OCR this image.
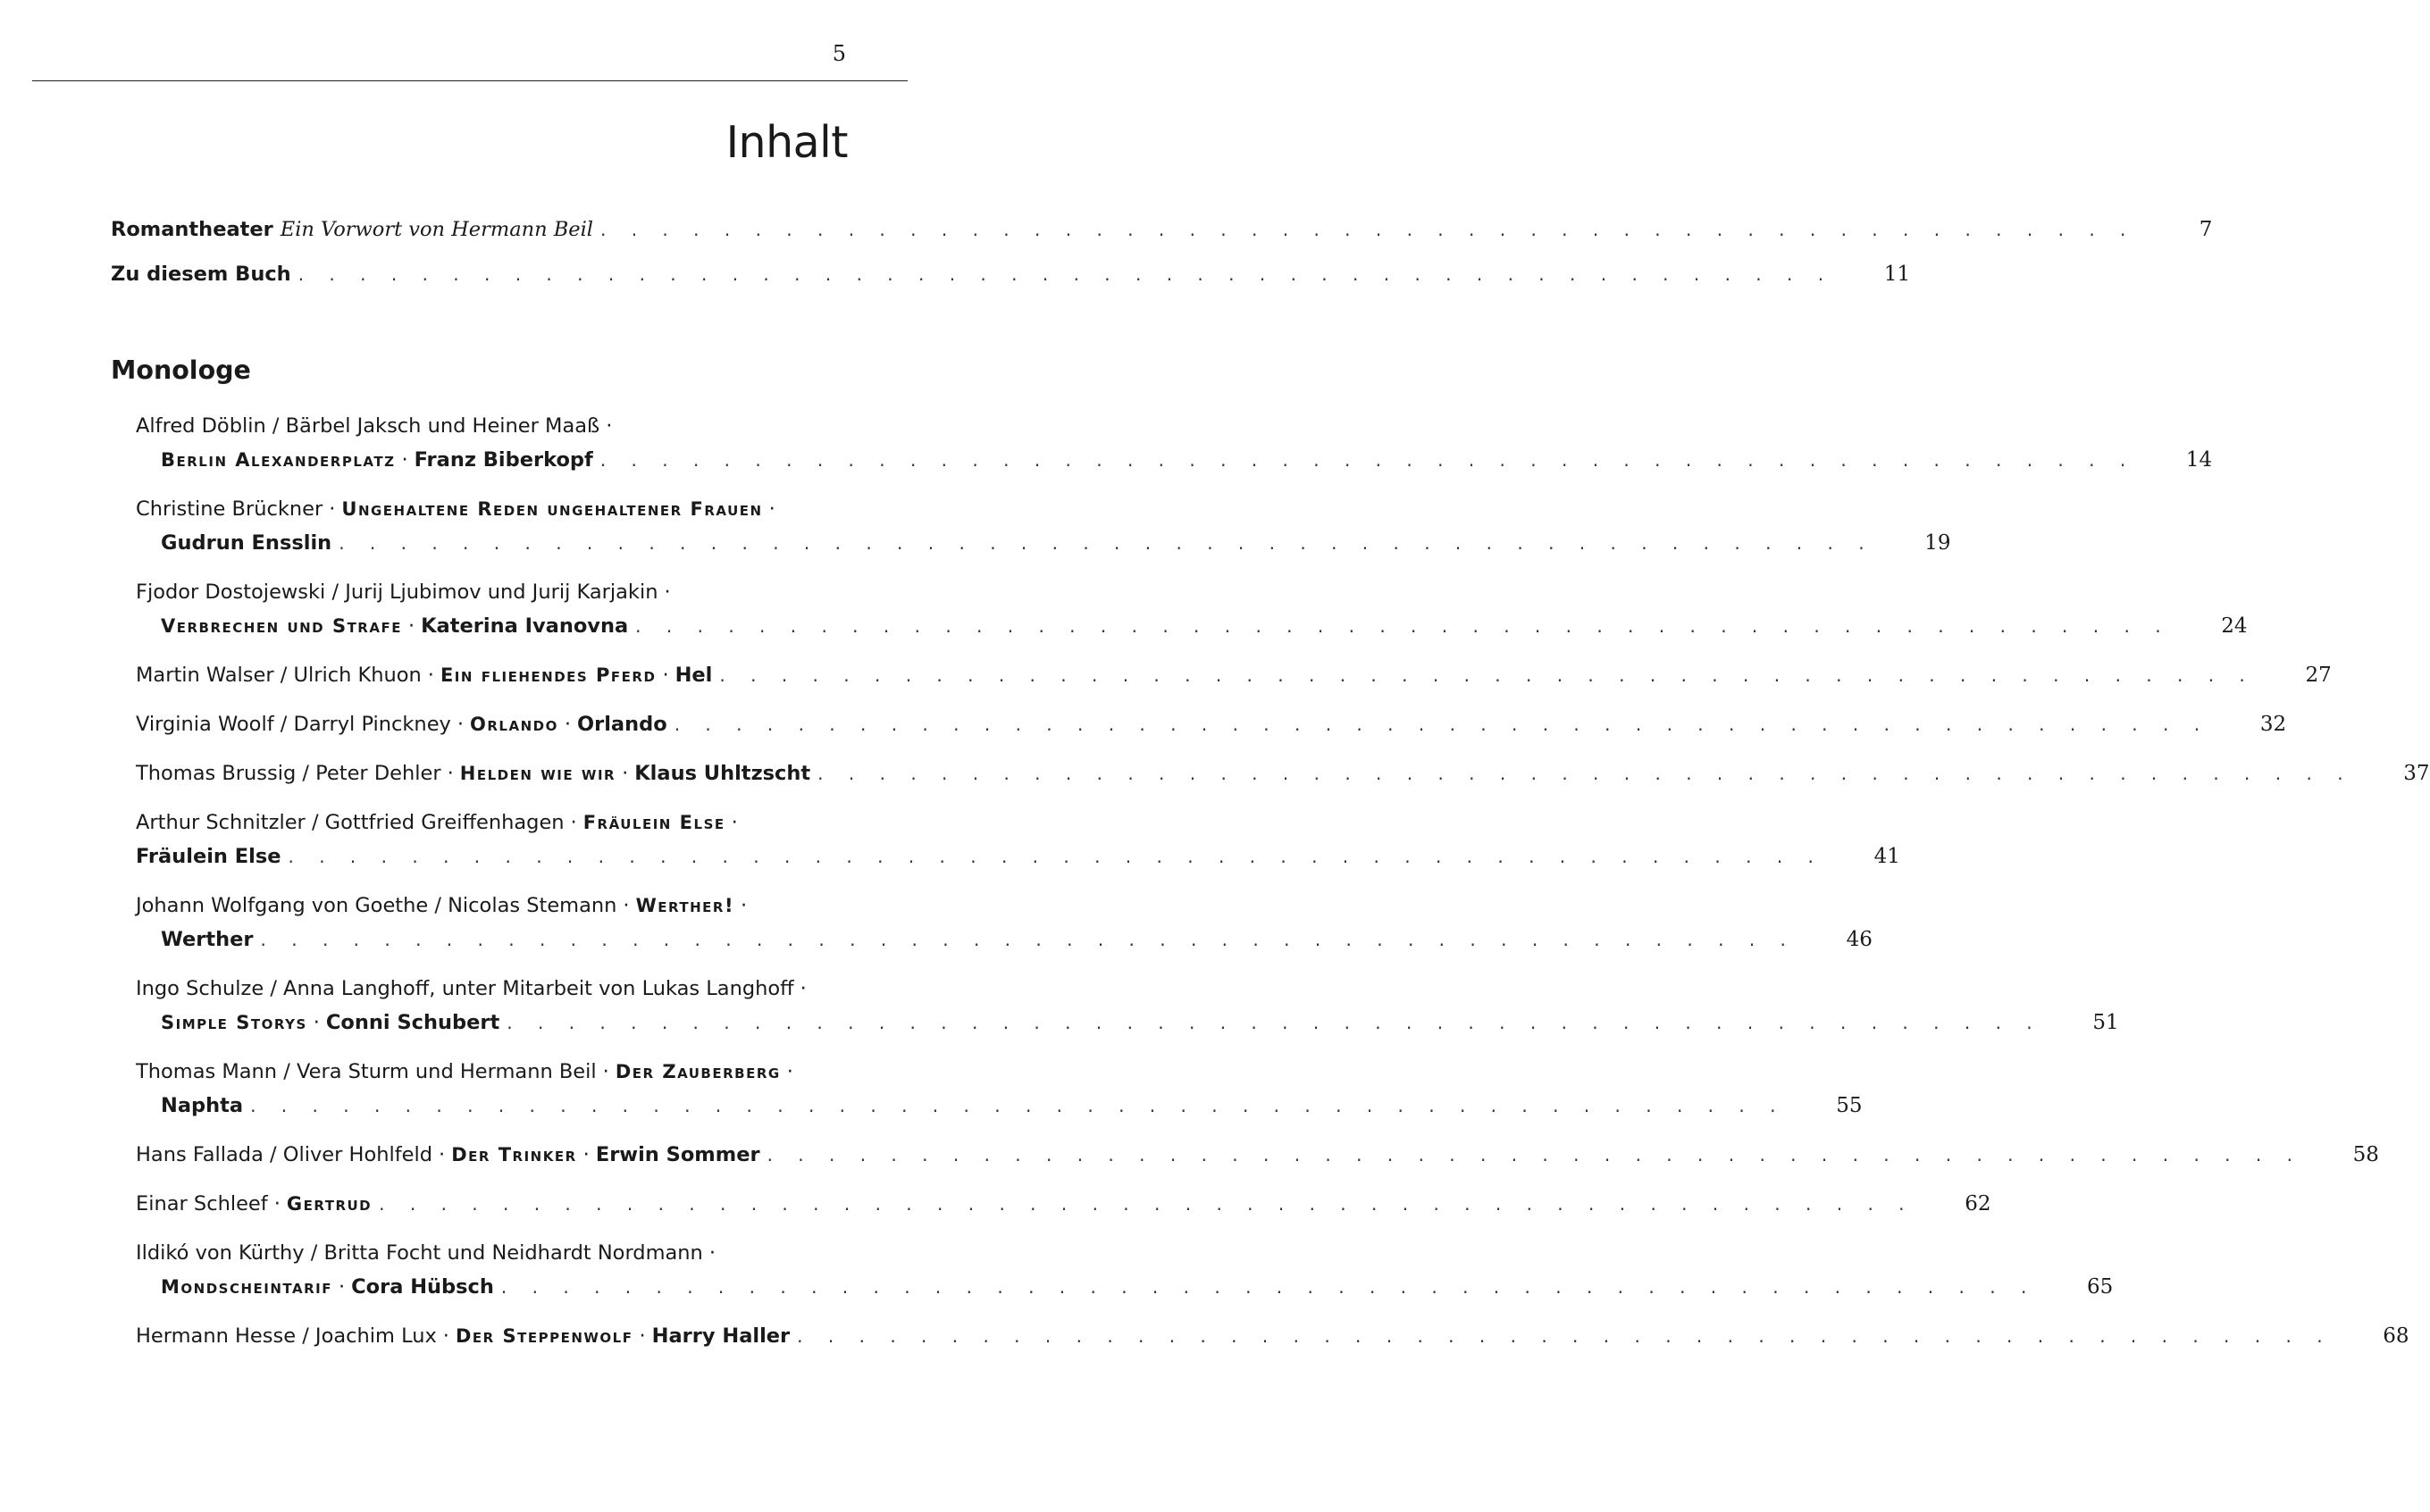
5
Inhalt
Romantheater Ein Vorwort von Hermann Beil . . . . . . . . . . . . . . . . . . . . . . . . . . . . . . . . . . . . . . . . . . . . . . . . . .	7
Zu diesem Buch . . . . . . . . . . . . . . . . . . . . . . . . . . . . . . . . . . . . . . . . . . . . . . . . . .	11
Monologe
Alfred Döblin / Bärbel Jaksch und Heiner Maaß ·
Berlin Alexanderplatz · Franz Biberkopf . . . . . . . . . . . . . . . . . . . . . . . . . . . . . . . . . . . . . . . . . . . . . . . . . .	14
Christine Brückner · Ungehaltene Reden ungehaltener Frauen ·
Gudrun Ensslin . . . . . . . . . . . . . . . . . . . . . . . . . . . . . . . . . . . . . . . . . . . . . . . . . .	19
Fjodor Dostojewski / Jurij Ljubimov und Jurij Karjakin ·
Verbrechen und Strafe · Katerina Ivanovna . . . . . . . . . . . . . . . . . . . . . . . . . . . . . . . . . . . . . . . . . . . . . . . . . .	24
Martin Walser / Ulrich Khuon · Ein fliehendes Pferd · Hel . . . . . . . . . . . . . . . . . . . . . . . . . . . . . . . . . . . . . . . . . . . . . . . . . .	27
Virginia Woolf / Darryl Pinckney · Orlando · Orlando . . . . . . . . . . . . . . . . . . . . . . . . . . . . . . . . . . . . . . . . . . . . . . . . . .	32
Thomas Brussig / Peter Dehler · Helden wie wir · Klaus Uhltzscht . . . . . . . . . . . . . . . . . . . . . . . . . . . . . . . . . . . . . . . . . . . . . . . . . .	37
Arthur Schnitzler / Gottfried Greiffenhagen · Fräulein Else ·
Fräulein Else . . . . . . . . . . . . . . . . . . . . . . . . . . . . . . . . . . . . . . . . . . . . . . . . . .	41
Johann Wolfgang von Goethe / Nicolas Stemann · Werther! ·
Werther . . . . . . . . . . . . . . . . . . . . . . . . . . . . . . . . . . . . . . . . . . . . . . . . . .	46
Ingo Schulze / Anna Langhoff, unter Mitarbeit von Lukas Langhoff ·
Simple Storys · Conni Schubert . . . . . . . . . . . . . . . . . . . . . . . . . . . . . . . . . . . . . . . . . . . . . . . . . .	51
Thomas Mann / Vera Sturm und Hermann Beil · Der Zauberberg ·
Naphta . . . . . . . . . . . . . . . . . . . . . . . . . . . . . . . . . . . . . . . . . . . . . . . . . .	55
Hans Fallada / Oliver Hohlfeld · Der Trinker · Erwin Sommer . . . . . . . . . . . . . . . . . . . . . . . . . . . . . . . . . . . . . . . . . . . . . . . . . .	58
Einar Schleef · Gertrud . . . . . . . . . . . . . . . . . . . . . . . . . . . . . . . . . . . . . . . . . . . . . . . . . .	62
Ildikó von Kürthy / Britta Focht und Neidhardt Nordmann ·
Mondscheintarif · Cora Hübsch . . . . . . . . . . . . . . . . . . . . . . . . . . . . . . . . . . . . . . . . . . . . . . . . . .	65
Hermann Hesse / Joachim Lux · Der Steppenwolf · Harry Haller . . . . . . . . . . . . . . . . . . . . . . . . . . . . . . . . . . . . . . . . . . . . . . . . . .	68
